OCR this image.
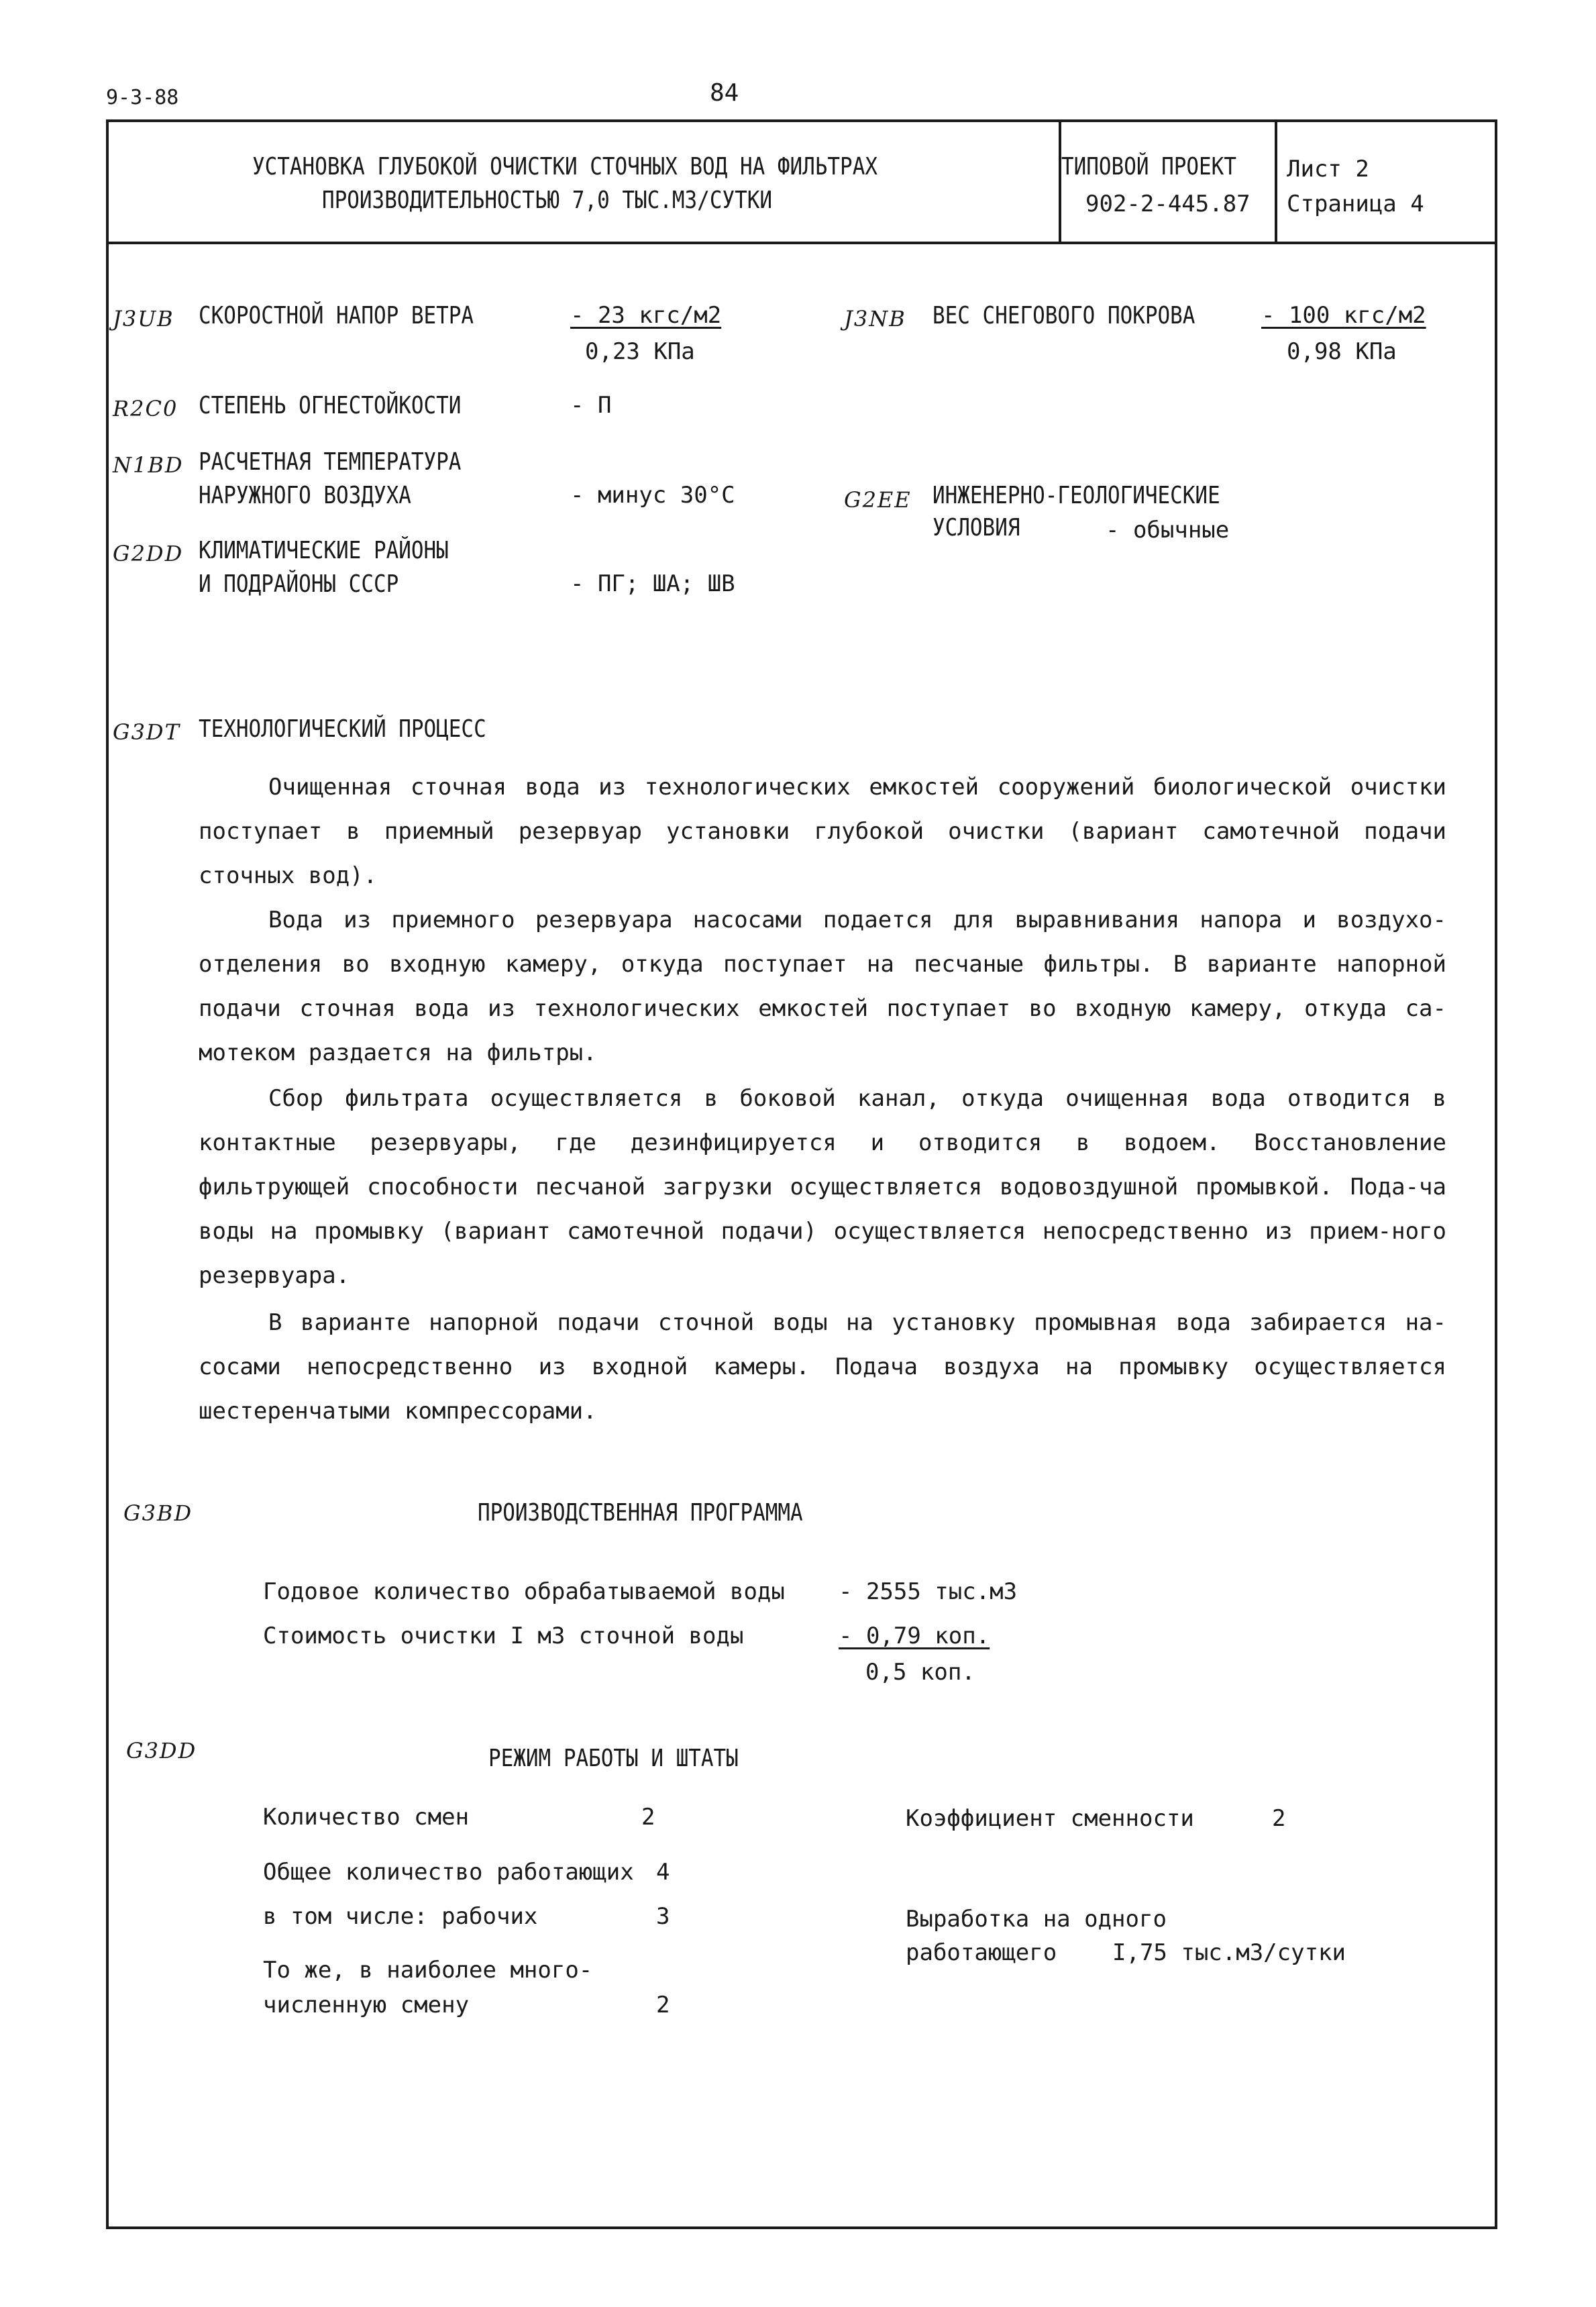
9-3-88	84
УСТАНОВКА ГЛУБОКОЙ ОЧИСТКИ СТОЧНЫХ ВОД НА ФИЛЬТРАХ
ПРОИЗВОДИТЕЛЬНОСТЬЮ 7,0 ТЫС.М3/СУТКИ
ТИПОВОЙ ПРОЕКТ
902-2-445.87
Лист 2
Страница 4
J3UB СКОРОСТНОЙ НАПОР ВЕТРА	- 23 кгс/м2
0,23 КПа
J3NB ВЕС СНЕГОВОГО ПОКРОВА	- 100 кгс/м2
0,98 КПа
R2C0 СТЕПЕНЬ ОГНЕСТОЙКОСТИ	- П
N1BD РАСЧЕТНАЯ ТЕМПЕРАТУРА
НАРУЖНОГО ВОЗДУХА	- минус 30°С	G2EE ИНЖЕНЕРНО-ГЕОЛОГИЧЕСКИЕ
УСЛОВИЯ	- обычные
G2DD КЛИМАТИЧЕСКИЕ РАЙОНЫ
И ПОДРАЙОНЫ СССР	- ПГ; ША; ШВ
G3DT ТЕХНОЛОГИЧЕСКИЙ ПРОЦЕСС
Очищенная сточная вода из технологических емкостей сооружений биологической очистки поступает в приемный резервуар установки глубокой очистки (вариант самотечной подачи сточных вод).
Вода из приемного резервуара насосами подается для выравнивания напора и воздухо-отделения во входную камеру, откуда поступает на песчаные фильтры. В варианте напорной подачи сточная вода из технологических емкостей поступает во входную камеру, откуда са-мотеком раздается на фильтры.
Сбор фильтрата осуществляется в боковой канал, откуда очищенная вода отводится в контактные резервуары, где дезинфицируется и отводится в водоем. Восстановление фильтрующей способности песчаной загрузки осуществляется водовоздушной промывкой. Пода-ча воды на промывку (вариант самотечной подачи) осуществляется непосредственно из прием-ного резервуара.
В варианте напорной подачи сточной воды на установку промывная вода забирается на-сосами непосредственно из входной камеры. Подача воздуха на промывку осуществляется шестеренчатыми компрессорами.
G3BD	ПРОИЗВОДСТВЕННАЯ ПРОГРАММА
Годовое количество обрабатываемой воды - 2555 тыс.м3
Стоимость очистки I м3 сточной воды	- 0,79 коп.
0,5 коп.
G3DD	РЕЖИМ РАБОТЫ И ШТАТЫ
Количество смен	2	Коэффициент сменности	2
Общее количество работающих 4
в том числе: рабочих	3	Выработка на одного
работающего I,75 тыс.м3/сутки
То же, в наиболее много-
численную смену	2
